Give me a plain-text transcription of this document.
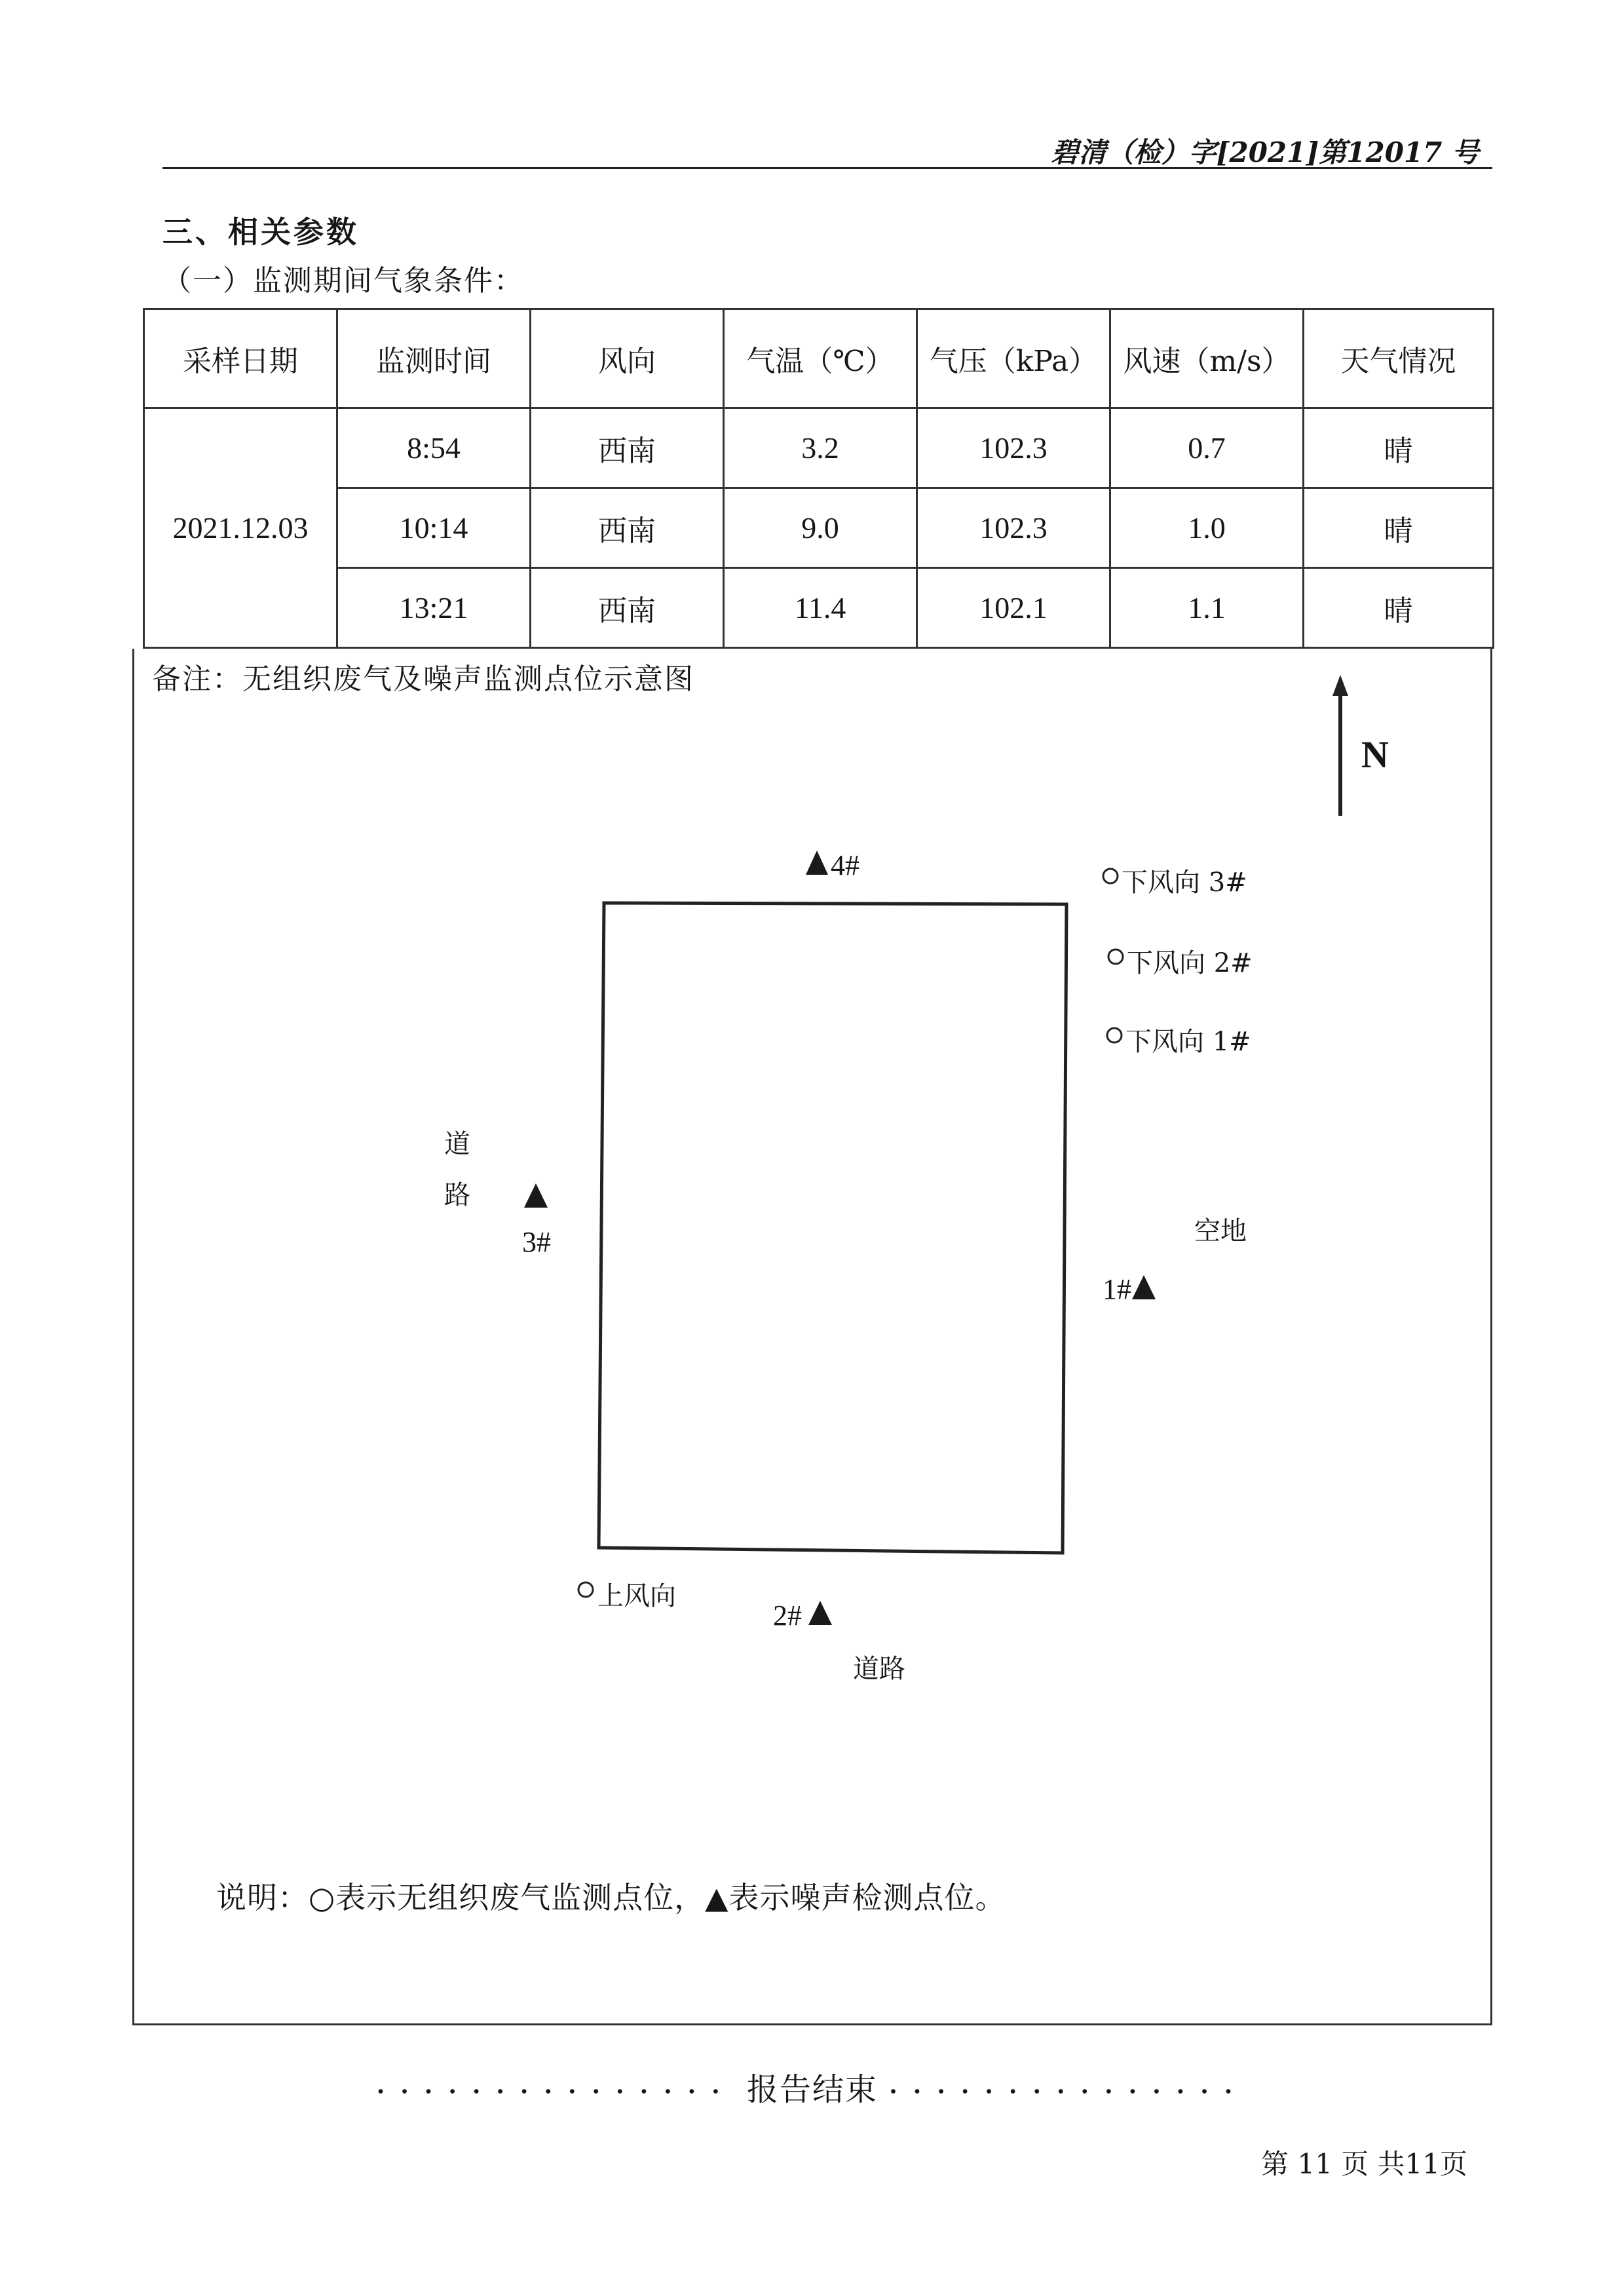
碧清（检）字[2021]第12017 号
三、相关参数
（一）监测期间气象条件：
采样日期	监测时间	风向	气温（℃）	气压（kPa）	风速（m/s）	天气情况
2021.12.03	8:54	西南	3.2	102.3	0.7	晴
	10:14	西南	9.0	102.3	1.0	晴
	13:21	西南	11.4	102.1	1.1	晴
备注：无组织废气及噪声监测点位示意图
N
4#
3#
1#
2#
下风向 3#
下风向 2#
下风向 1#
上风向
道
路
道路
空地
说明：○表示无组织废气监测点位，▲表示噪声检测点位。
··············· 报告结束 ···············
第 11 页 共11页
